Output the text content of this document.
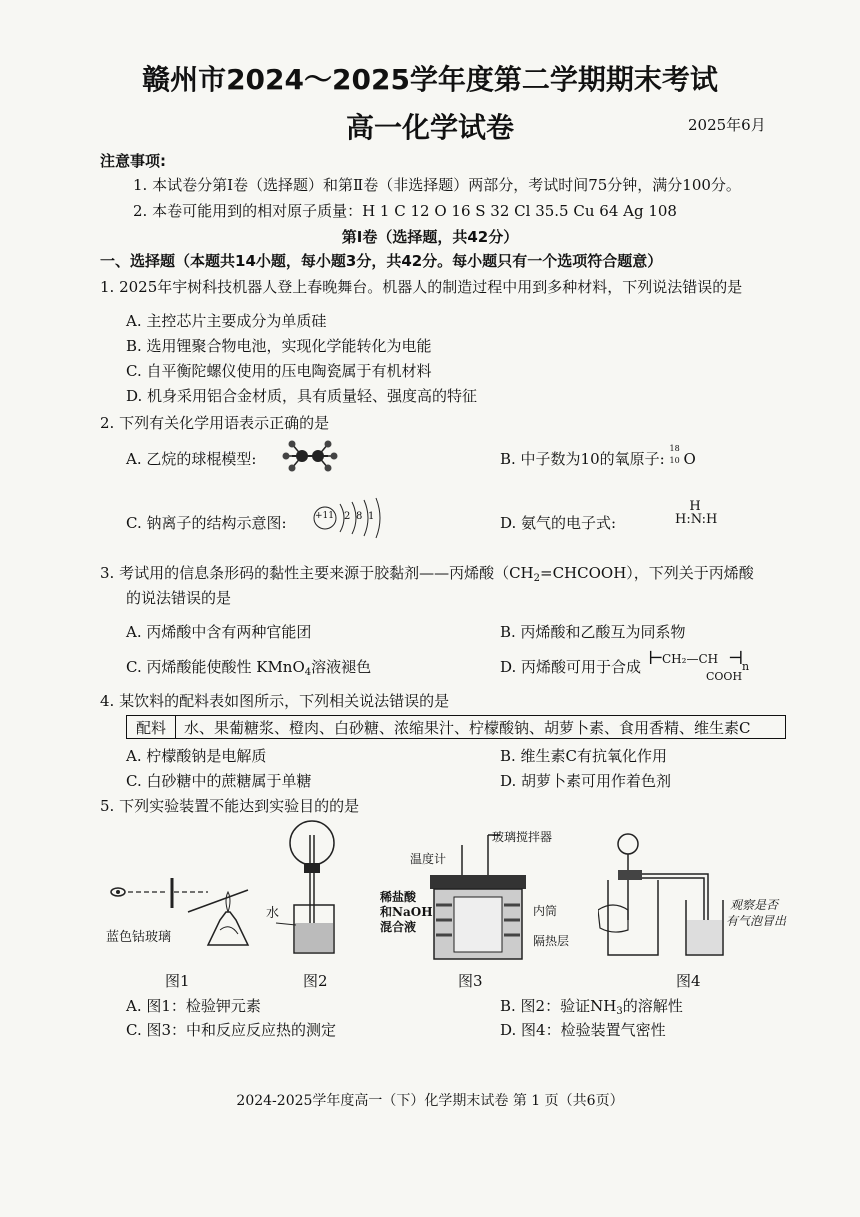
赣州市2024～2025学年度第二学期期末考试
高一化学试卷	2025年6月
注意事项:
1. 本试卷分第Ⅰ卷（选择题）和第Ⅱ卷（非选择题）两部分，考试时间75分钟，满分100分。
2. 本卷可能用到的相对原子质量：H 1 C 12 O 16 S 32 Cl 35.5 Cu 64 Ag 108
第Ⅰ卷（选择题，共42分）
一、选择题（本题共14小题，每小题3分，共42分。每小题只有一个选项符合题意）
1. 2025年宇树科技机器人登上春晚舞台。机器人的制造过程中用到多种材料，下列说法错误的是
A. 主控芯片主要成分为单质硅
B. 选用锂聚合物电池，实现化学能转化为电能
C. 自平衡陀螺仪使用的压电陶瓷属于有机材料
D. 机身采用铝合金材质，具有质量轻、强度高的特征
2. 下列有关化学用语表示正确的是
A. 乙烷的球棍模型:	B. 中子数为10的氧原子:
18
10 O
C. 钠离子的结构示意图:	+11 2 8 1	D. 氨气的电子式:
H
H:N:H
3. 考试用的信息条形码的黏性主要来源于胶黏剂——丙烯酸$(CH_2=CHCOOH)$，下列关于丙烯酸
的说法错误的是
A. 丙烯酸中含有两种官能团	B. 丙烯酸和乙酸互为同系物
C. 丙烯酸能使酸性 KMnO$_4$溶液褪色	D. 丙烯酸可用于合成 ⊢
CH₂—CH ⊣
n
COOH
4. 某饮料的配料表如图所示，下列相关说法错误的是
配料	水、果葡糖浆、橙肉、白砂糖、浓缩果汁、柠檬酸钠、胡萝卜素、食用香精、维生素C
A. 柠檬酸钠是电解质	B. 维生素C有抗氧化作用
C. 白砂糖中的蔗糖属于单糖	D. 胡萝卜素可用作着色剂
5. 下列实验装置不能达到实验目的的是
蓝色钴玻璃
水
玻璃搅拌器
温度计
稀盐酸
和NaOH
混合液
内筒
隔热层
观察是否
有气泡冒出
图1	图2	图3	图4
A. 图1：检验钾元素	B. 图2：验证$NH_3$的溶解性
C. 图3：中和反应反应热的测定	D. 图4：检验装置气密性
2024-2025学年度高一（下）化学期末试卷 第 1 页（共6页）
